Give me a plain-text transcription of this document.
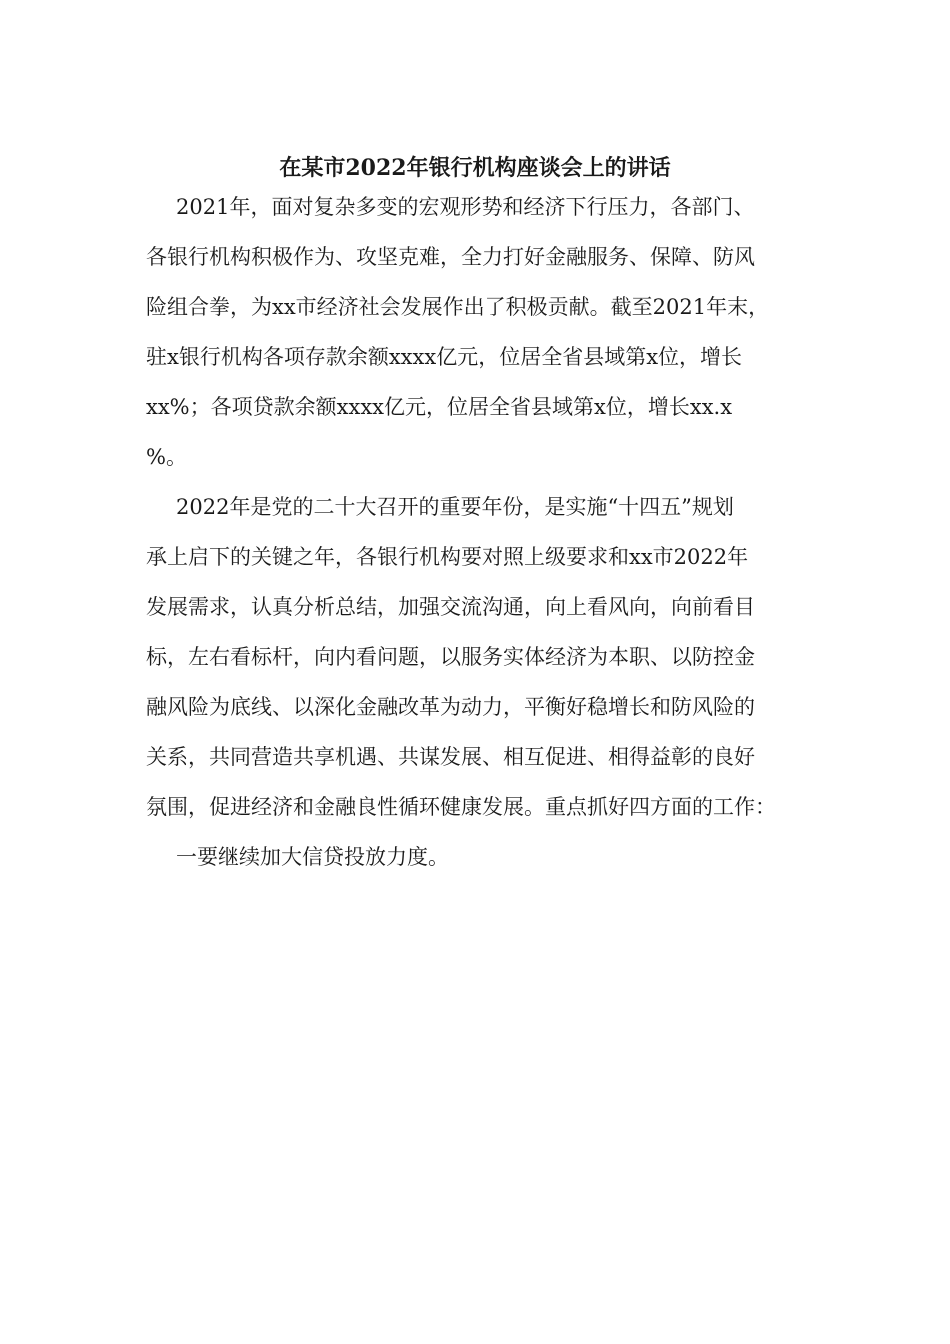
在某市2022年银行机构座谈会上的讲话
2021年，面对复杂多变的宏观形势和经济下行压力，各部门、
各银行机构积极作为、攻坚克难，全力打好金融服务、保障、防风
险组合拳，为xx市经济社会发展作出了积极贡献。截至2021年末，
驻x银行机构各项存款余额xxxx亿元，位居全省县域第x位，增长
xx%；各项贷款余额xxxx亿元，位居全省县域第x位，增长xx.x
%。
2022年是党的二十大召开的重要年份，是实施“十四五”规划
承上启下的关键之年，各银行机构要对照上级要求和xx市2022年
发展需求，认真分析总结，加强交流沟通，向上看风向，向前看目
标，左右看标杆，向内看问题，以服务实体经济为本职、以防控金
融风险为底线、以深化金融改革为动力，平衡好稳增长和防风险的
关系，共同营造共享机遇、共谋发展、相互促进、相得益彰的良好
氛围，促进经济和金融良性循环健康发展。重点抓好四方面的工作：
一要继续加大信贷投放力度。
